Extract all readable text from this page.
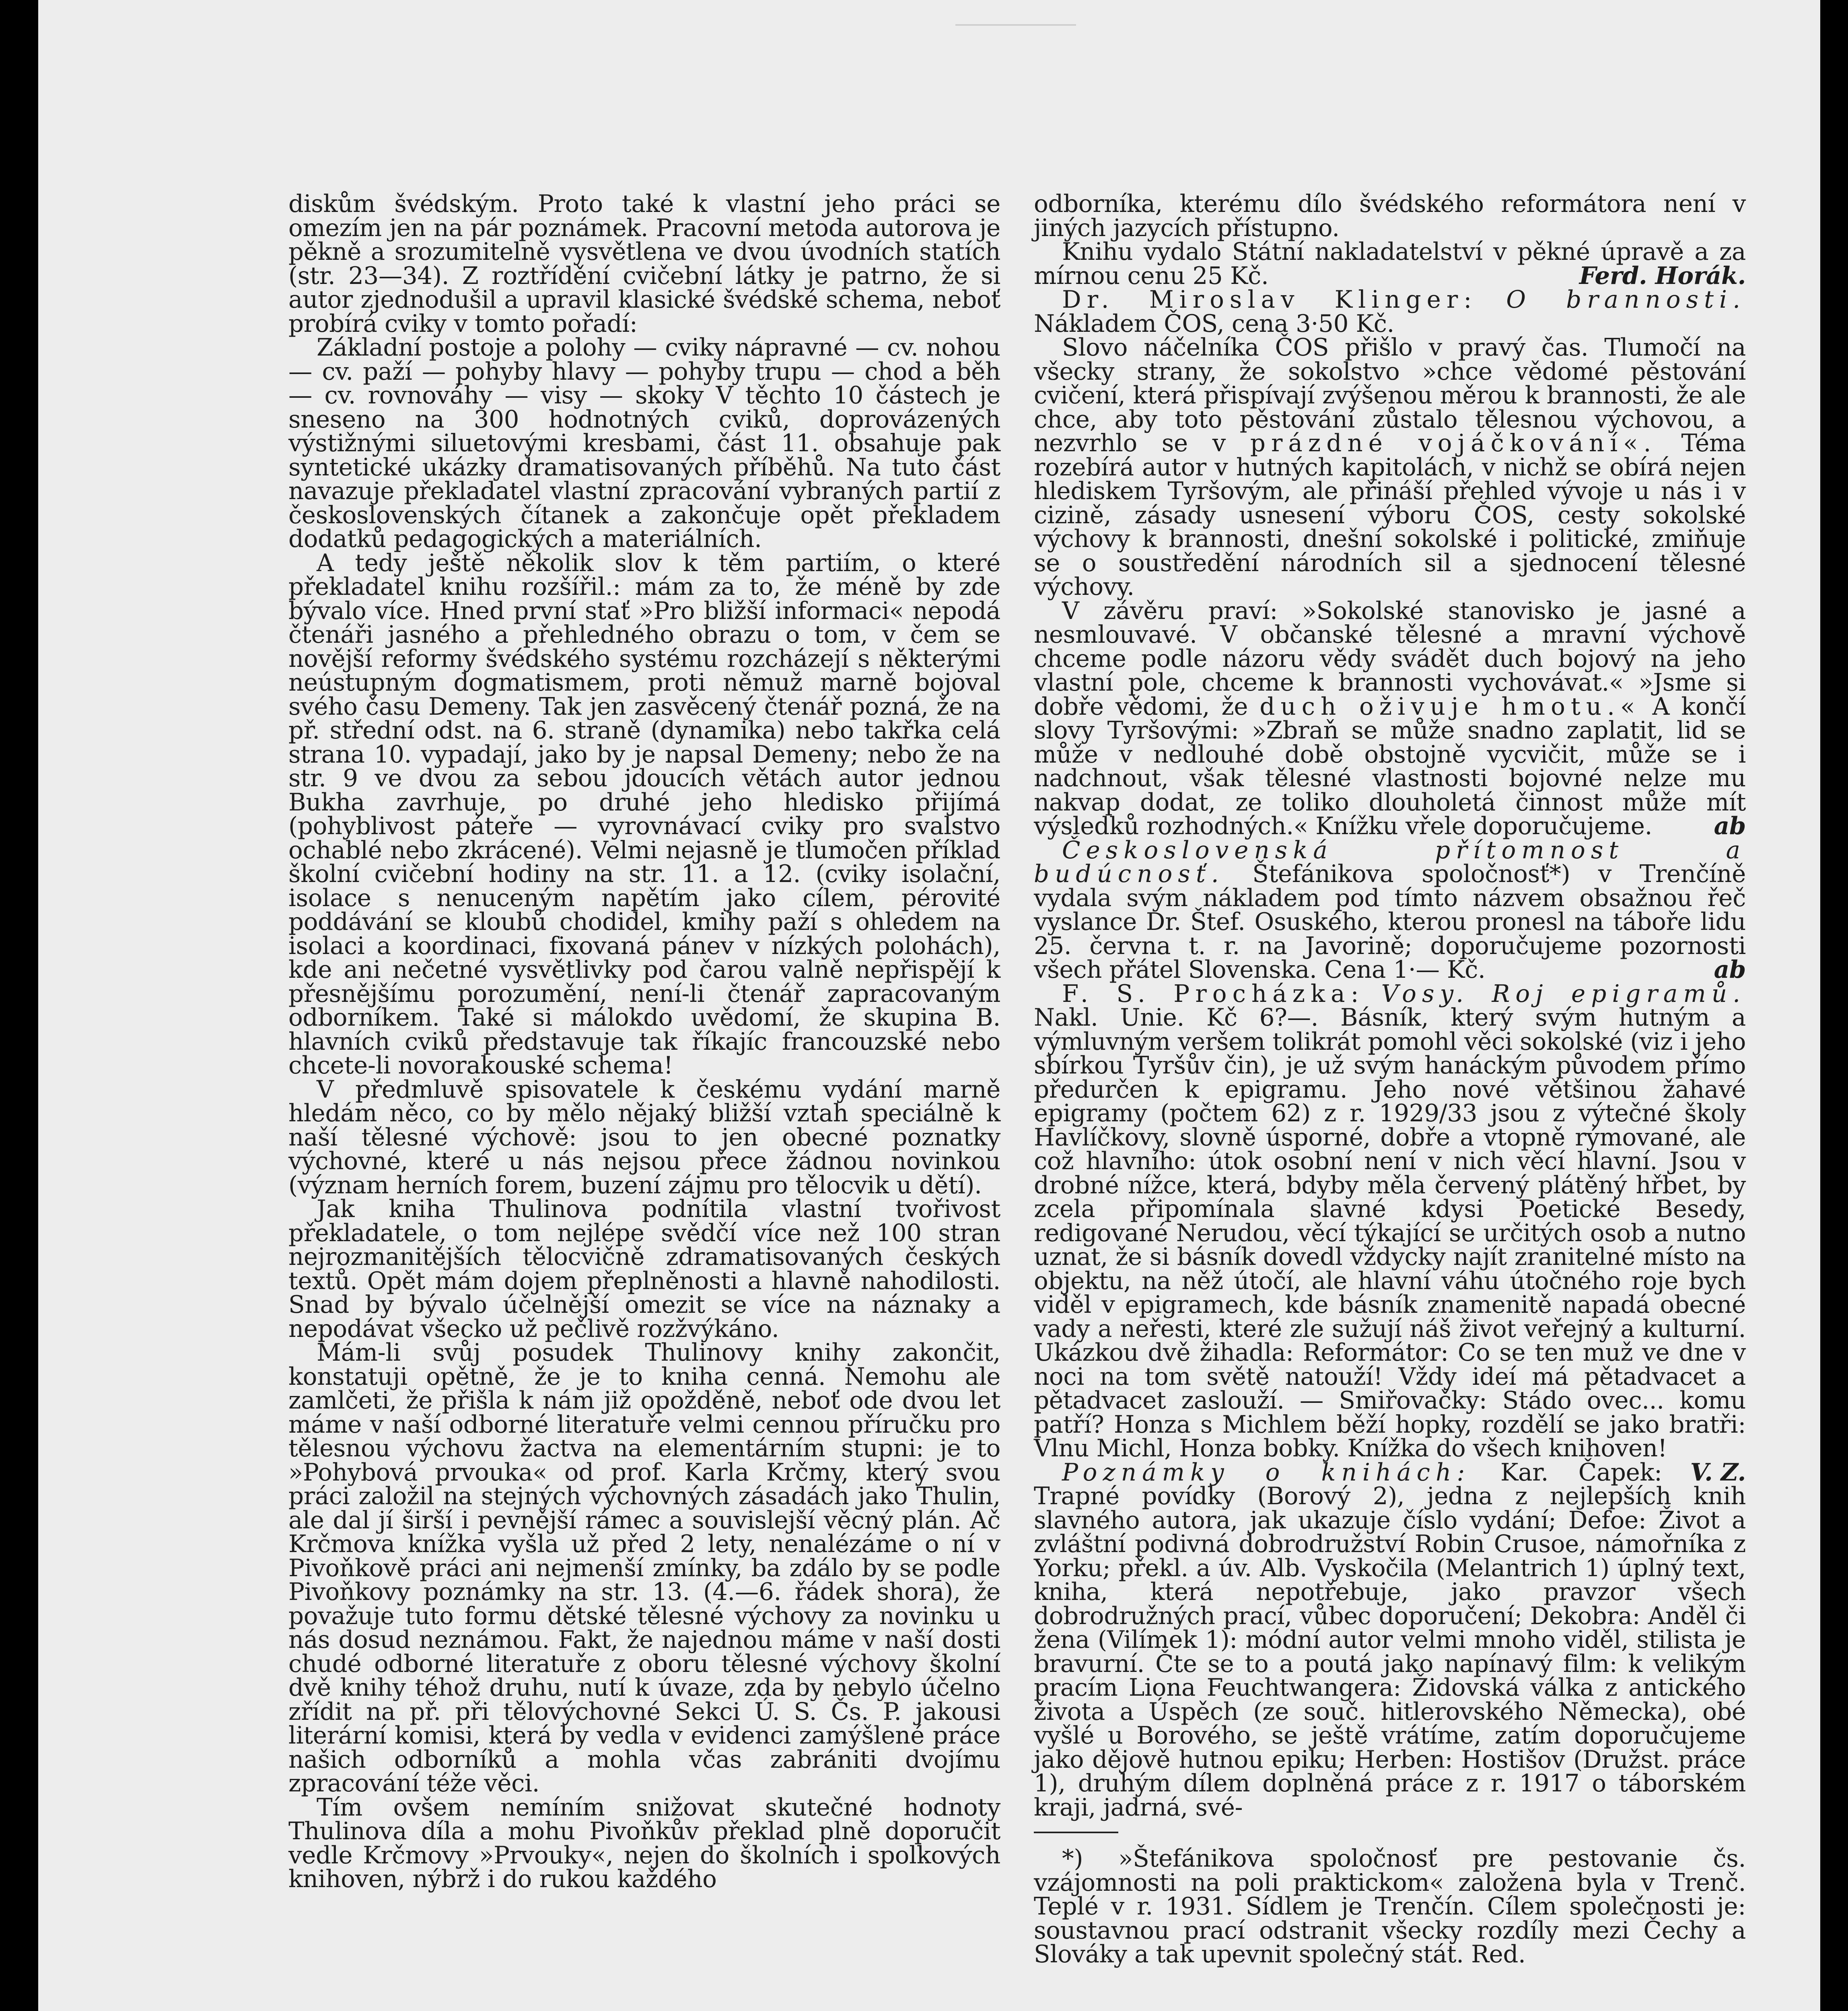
diskům švédským. Proto také k vlastní jeho práci se omezím jen na pár poznámek. Pracovní metoda autorova je pěkně a srozumitelně vysvětlena ve dvou úvodních statích (str. 23—34). Z roztřídění cvičební látky je patrno, že si autor zjednodušil a upravil klasické švédské schema, neboť probírá cviky v tomto pořadí:

Základní postoje a polohy — cviky nápravné — cv. nohou — cv. paží — pohyby hlavy — pohyby trupu — chod a běh — cv. rovnováhy — visy — skoky V těchto 10 částech je sneseno na 300 hodnotných cviků, doprovázených výstižnými siluetovými kresbami, část 11. obsahuje pak syntetické ukázky dramatisovaných příběhů. Na tuto část navazuje překladatel vlastní zpracování vybraných partií z československých čítanek a zakončuje opět překladem dodatků pedagogických a materiálních.

A tedy ještě několik slov k těm partiím, o které překladatel knihu rozšířil.: mám za to, že méně by zde bývalo více. Hned první stať »Pro bližší informaci« nepodá čtenáři jasného a přehledného obrazu o tom, v čem se novější reformy švédského systému rozcházejí s některými neústupným dogmatismem, proti němuž marně bojoval svého času Demeny. Tak jen zasvěcený čtenář pozná, že na př. střední odst. na 6. straně (dynamika) nebo takřka celá strana 10. vypadají, jako by je napsal Demeny; nebo že na str. 9 ve dvou za sebou jdoucích větách autor jednou Bukha zavrhuje, po druhé jeho hledisko přijímá (pohyblivost páteře — vyrovnávací cviky pro svalstvo ochablé nebo zkrácené). Velmi nejasně je tlumočen příklad školní cvičební hodiny na str. 11. a 12. (cviky isolační, isolace s nenuceným napětím jako cílem, pérovité poddávání se kloubů chodidel, kmihy paží s ohledem na isolaci a koordinaci, fixovaná pánev v nízkých polohách), kde ani nečetné vysvětlivky pod čarou valně nepřispějí k přesnějšímu porozumění, není-li čtenář zapracovaným odborníkem. Také si málokdo uvědomí, že skupina B. hlavních cviků představuje tak říkajíc francouzské nebo chcete-li novorakouské schema!

V předmluvě spisovatele k českému vydání marně hledám něco, co by mělo nějaký bližší vztah speciálně k naší tělesné výchově: jsou to jen obecné poznatky výchovné, které u nás nejsou přece žádnou novinkou (význam herních forem, buzení zájmu pro tělocvik u dětí).

Jak kniha Thulinova podnítila vlastní tvořivost překladatele, o tom nejlépe svědčí více než 100 stran nejrozmanitějších tělocvičně zdramatisovaných českých textů. Opět mám dojem přeplněnosti a hlavně nahodilosti. Snad by bývalo účelnější omezit se více na náznaky a nepodávat všecko už pečlivě rozžvýkáno.

Mám-li svůj posudek Thulinovy knihy zakončit, konstatuji opětně, že je to kniha cenná. Nemohu ale zamlčeti, že přišla k nám již opožděně, neboť ode dvou let máme v naší odborné literatuře velmi cennou příručku pro tělesnou výchovu žactva na elementárním stupni: je to »Pohybová prvouka« od prof. Karla Krčmy, který svou práci založil na stejných výchovných zásadách jako Thulin, ale dal jí širší i pevnější rámec a souvislejší věcný plán. Ač Krčmova knížka vyšla už před 2 lety, nenalézáme o ní v Pivoňkově práci ani nejmenší zmínky, ba zdálo by se podle Pivoňkovy poznámky na str. 13. (4.—6. řádek shora), že považuje tuto formu dětské tělesné výchovy za novinku u nás dosud neznámou. Fakt, že najednou máme v naší dosti chudé odborné literatuře z oboru tělesné výchovy školní dvě knihy téhož druhu, nutí k úvaze, zda by nebylo účelno zřídit na př. při tělovýchovné Sekci Ú. S. Čs. P. jakousi literární komisi, která by vedla v evidenci zamýšlené práce našich odborníků a mohla včas zabrániti dvojímu zpracování téže věci.

Tím ovšem nemíním snižovat skutečné hodnoty Thulinova díla a mohu Pivoňkův překlad plně doporučit vedle Krčmovy »Prvouky«, nejen do školních i spolkových knihoven, nýbrž i do rukou každého

odborníka, kterému dílo švédského reformátora není v jiných jazycích přístupno.

Knihu vydalo Státní nakladatelství v pěkné úpravě a za mírnou cenu 25 Kč.	Ferd. Horák.

Dr. Miroslav Klinger: O brannosti. Nákladem ČOS, cena 3·50 Kč.

Slovo náčelníka ČOS přišlo v pravý čas. Tlumočí na všecky strany, že sokolstvo »chce vědomé pěstování cvičení, která přispívají zvýšenou měrou k brannosti, že ale chce, aby toto pěstování zůstalo tělesnou výchovou, a nezvrhlo se v prázdné vojáčkování«. Téma rozebírá autor v hutných kapitolách, v nichž se obírá nejen hlediskem Tyršovým, ale přináší přehled vývoje u nás i v cizině, zásady usnesení výboru ČOS, cesty sokolské výchovy k brannosti, dnešní sokolské i politické, zmiňuje se o soustředění národních sil a sjednocení tělesné výchovy.

V závěru praví: »Sokolské stanovisko je jasné a nesmlouvavé. V občanské tělesné a mravní výchově chceme podle názoru vědy svádět duch bojový na jeho vlastní pole, chceme k brannosti vychovávat.« »Jsme si dobře vědomi, že duch oživuje hmotu.« A končí slovy Tyršovými: »Zbraň se může snadno zaplatit, lid se může v nedlouhé době obstojně vycvičit, může se i nadchnout, však tělesné vlastnosti bojovné nelze mu nakvap dodat, ze toliko dlouholetá činnost může mít výsledků rozhodných.« Knížku vřele doporučujeme.	ab

Československá přítomnost a budúcnosť. Štefánikova spoločnosť*) v Trenčíně vydala svým nákladem pod tímto názvem obsažnou řeč vyslance Dr. Štef. Osuského, kterou pronesl na táboře lidu 25. června t. r. na Javorině; doporučujeme pozornosti všech přátel Slovenska. Cena 1·— Kč.	ab

F. S. Procházka: Vosy. Roj epigramů. Nakl. Unie. Kč 6?—. Básník, který svým hutným a výmluvným veršem tolikrát pomohl věci sokolské (viz i jeho sbírkou Tyršův čin), je už svým hanáckým původem přímo předurčen k epigramu. Jeho nové většinou žahavé epigramy (počtem 62) z r. 1929/33 jsou z výtečné školy Havlíčkovy, slovně úsporné, dobře a vtopně rýmované, ale což hlavního: útok osobní není v nich věcí hlavní. Jsou v drobné nížce, která, bdyby měla červený plátěný hřbet, by zcela připomínala slavné kdysi Poetické Besedy, redigované Nerudou, věcí týkající se určitých osob a nutno uznat, že si básník dovedl vždycky najít zranitelné místo na objektu, na něž útočí, ale hlavní váhu útočného roje bych viděl v epigramech, kde básník znamenitě napadá obecné vady a neřesti, které zle sužují náš život veřejný a kulturní. Ukázkou dvě žihadla: Reformátor: Co se ten muž ve dne v noci na tom světě natouží! Vždy ideí má pětadvacet a pětadvacet zaslouží. — Smiřovačky: Stádo ovec... komu patří? Honza s Michlem běží hopky, rozdělí se jako bratři: Vlnu Michl, Honza bobky. Knížka do všech knihoven!
V. Z.

Poznámky o knihách: Kar. Čapek: Trapné povídky (Borový 2), jedna z nejlepších knih slavného autora, jak ukazuje číslo vydání; Defoe: Život a zvláštní podivná dobrodružství Robin Crusoe, námořníka z Yorku; překl. a úv. Alb. Vyskočila (Melantrich 1) úplný text, kniha, která nepotřebuje, jako pravzor všech dobrodružných prací, vůbec doporučení; Dekobra: Anděl či žena (Vilímek 1): módní autor velmi mnoho viděl, stilista je bravurní. Čte se to a poutá jako napínavý film: k velikým pracím Liona Feuchtwangera: Židovská válka z antického života a Úspěch (ze souč. hitlerovského Německa), obé vyšlé u Borového, se ještě vrátíme, zatím doporučujeme jako dějově hutnou epiku; Herben: Hostišov (Družst. práce 1), druhým dílem doplněná práce z r. 1917 o táborském kraji, jadrná, své-

*) »Štefánikova spoločnosť pre pestovanie čs. vzájomnosti na poli praktickom« založena byla v Trenč. Teplé v r. 1931. Sídlem je Trenčín. Cílem společnosti je: soustavnou prací odstranit všecky rozdíly mezi Čechy a Slováky a tak upevnit společný stát. Red.
